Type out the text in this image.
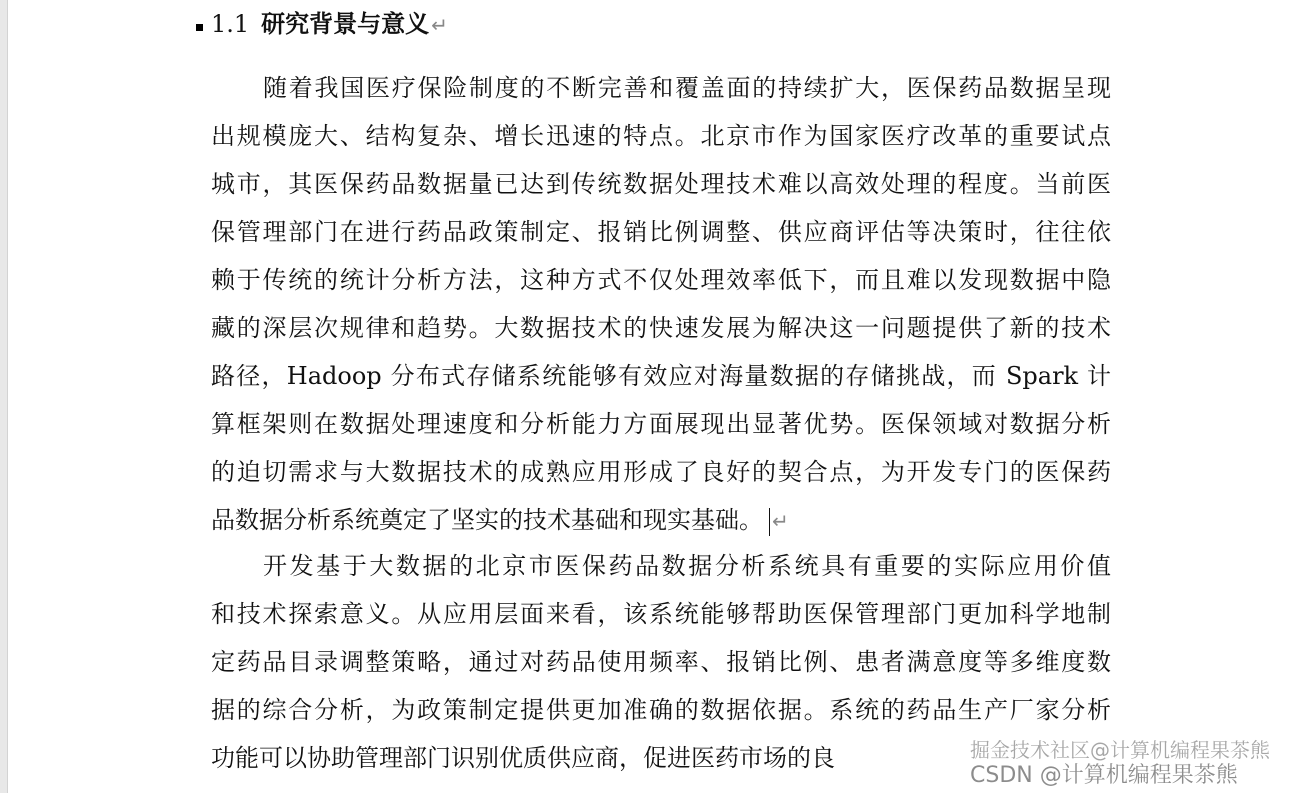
1.1 研究背景与意义 ↵
随着我国医疗保险制度的不断完善和覆盖面的持续扩大，医保药品数据呈现
出规模庞大、结构复杂、增长迅速的特点。北京市作为国家医疗改革的重要试点
城市，其医保药品数据量已达到传统数据处理技术难以高效处理的程度。当前医
保管理部门在进行药品政策制定、报销比例调整、供应商评估等决策时，往往依
赖于传统的统计分析方法，这种方式不仅处理效率低下，而且难以发现数据中隐
藏的深层次规律和趋势。大数据技术的快速发展为解决这一问题提供了新的技术
路径，Hadoop 分布式存储系统能够有效应对海量数据的存储挑战，而 Spark 计
算框架则在数据处理速度和分析能力方面展现出显著优势。医保领域对数据分析
的迫切需求与大数据技术的成熟应用形成了良好的契合点，为开发专门的医保药
品数据分析系统奠定了坚实的技术基础和现实基础。 ↵
开发基于大数据的北京市医保药品数据分析系统具有重要的实际应用价值
和技术探索意义。从应用层面来看，该系统能够帮助医保管理部门更加科学地制
定药品目录调整策略，通过对药品使用频率、报销比例、患者满意度等多维度数
据的综合分析，为政策制定提供更加准确的数据依据。系统的药品生产厂家分析
功能可以协助管理部门识别优质供应商，促进医药市场的良	掘金技术社区@计算机编程果茶熊
CSDN @计算机编程果茶熊
